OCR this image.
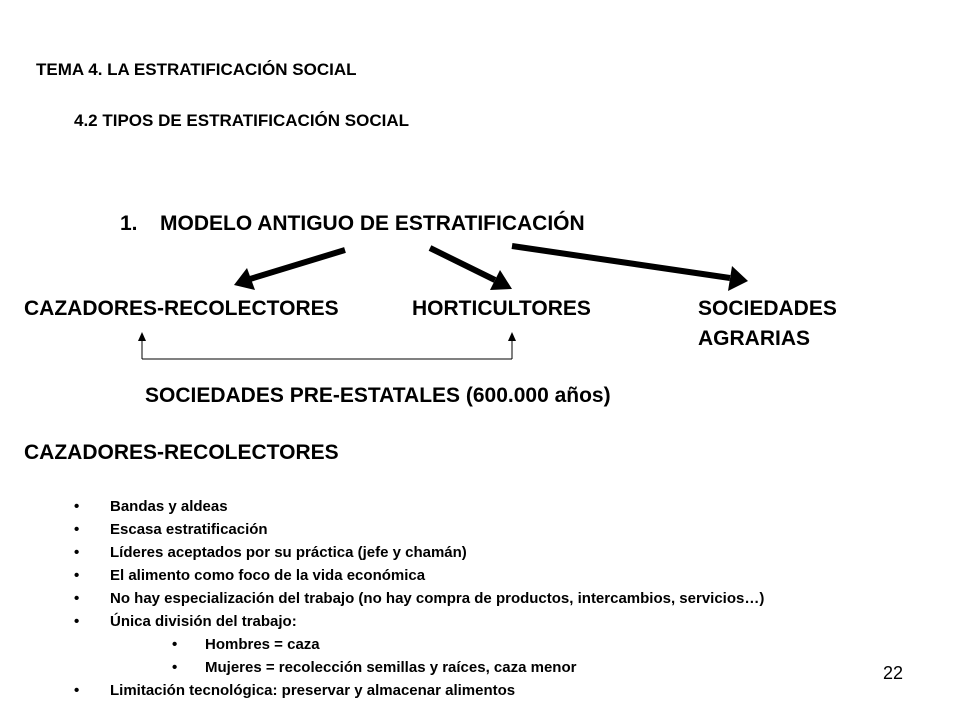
TEMA 4. LA ESTRATIFICACIÓN SOCIAL
4.2 TIPOS DE ESTRATIFICACIÓN SOCIAL
1. MODELO ANTIGUO DE ESTRATIFICACIÓN
CAZADORES-RECOLECTORES	HORTICULTORES	SOCIEDADES
AGRARIAS
SOCIEDADES PRE-ESTATALES (600.000 años)
CAZADORES-RECOLECTORES
• Bandas y aldeas
• Escasa estratificación
• Líderes aceptados por su práctica (jefe y chamán)
• El alimento como foco de la vida económica
• No hay especialización del trabajo (no hay compra de productos, intercambios, servicios…)
• Única división del trabajo:
• Hombres = caza
• Mujeres = recolección semillas y raíces, caza menor
• Limitación tecnológica: preservar y almacenar alimentos
22
